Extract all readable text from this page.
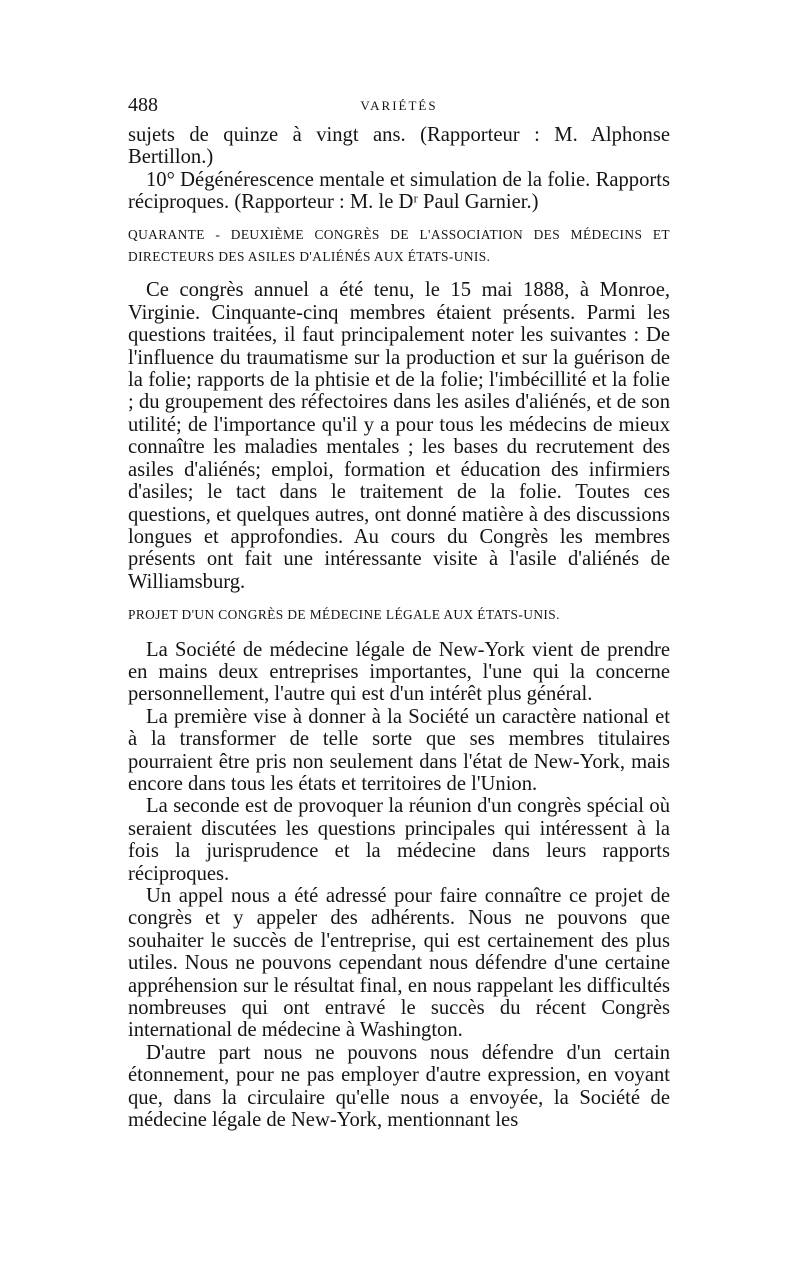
488	VARIÉTÉS

sujets de quinze à vingt ans. (Rapporteur : M. Alphonse Bertillon.)

10° Dégénérescence mentale et simulation de la folie. Rapports réciproques. (Rapporteur : M. le Dʳ Paul Garnier.)

QUARANTE - DEUXIÈME CONGRÈS DE L'ASSOCIATION DES MÉDECINS ET DIRECTEURS DES ASILES D'ALIÉNÉS AUX ÉTATS-UNIS.

Ce congrès annuel a été tenu, le 15 mai 1888, à Monroe, Virginie. Cinquante-cinq membres étaient présents. Parmi les questions traitées, il faut principalement noter les suivantes : De l'influence du traumatisme sur la production et sur la guérison de la folie; rapports de la phtisie et de la folie; l'imbécillité et la folie ; du groupement des réfectoires dans les asiles d'aliénés, et de son utilité; de l'importance qu'il y a pour tous les médecins de mieux connaître les maladies mentales ; les bases du recrutement des asiles d'aliénés; emploi, formation et éducation des infirmiers d'asiles; le tact dans le traitement de la folie. Toutes ces questions, et quelques autres, ont donné matière à des discussions longues et approfondies. Au cours du Congrès les membres présents ont fait une intéressante visite à l'asile d'aliénés de Williamsburg.

PROJET D'UN CONGRÈS DE MÉDECINE LÉGALE AUX ÉTATS-UNIS.

La Société de médecine légale de New-York vient de prendre en mains deux entreprises importantes, l'une qui la concerne personnellement, l'autre qui est d'un intérêt plus général.

La première vise à donner à la Société un caractère national et à la transformer de telle sorte que ses membres titulaires pourraient être pris non seulement dans l'état de New-York, mais encore dans tous les états et territoires de l'Union.

La seconde est de provoquer la réunion d'un congrès spécial où seraient discutées les questions principales qui intéressent à la fois la jurisprudence et la médecine dans leurs rapports réciproques.

Un appel nous a été adressé pour faire connaître ce projet de congrès et y appeler des adhérents. Nous ne pouvons que souhaiter le succès de l'entreprise, qui est certainement des plus utiles. Nous ne pouvons cependant nous défendre d'une certaine appréhension sur le résultat final, en nous rappelant les difficultés nombreuses qui ont entravé le succès du récent Congrès international de médecine à Washington.

D'autre part nous ne pouvons nous défendre d'un certain étonnement, pour ne pas employer d'autre expression, en voyant que, dans la circulaire qu'elle nous a envoyée, la Société de médecine légale de New-York, mentionnant les
